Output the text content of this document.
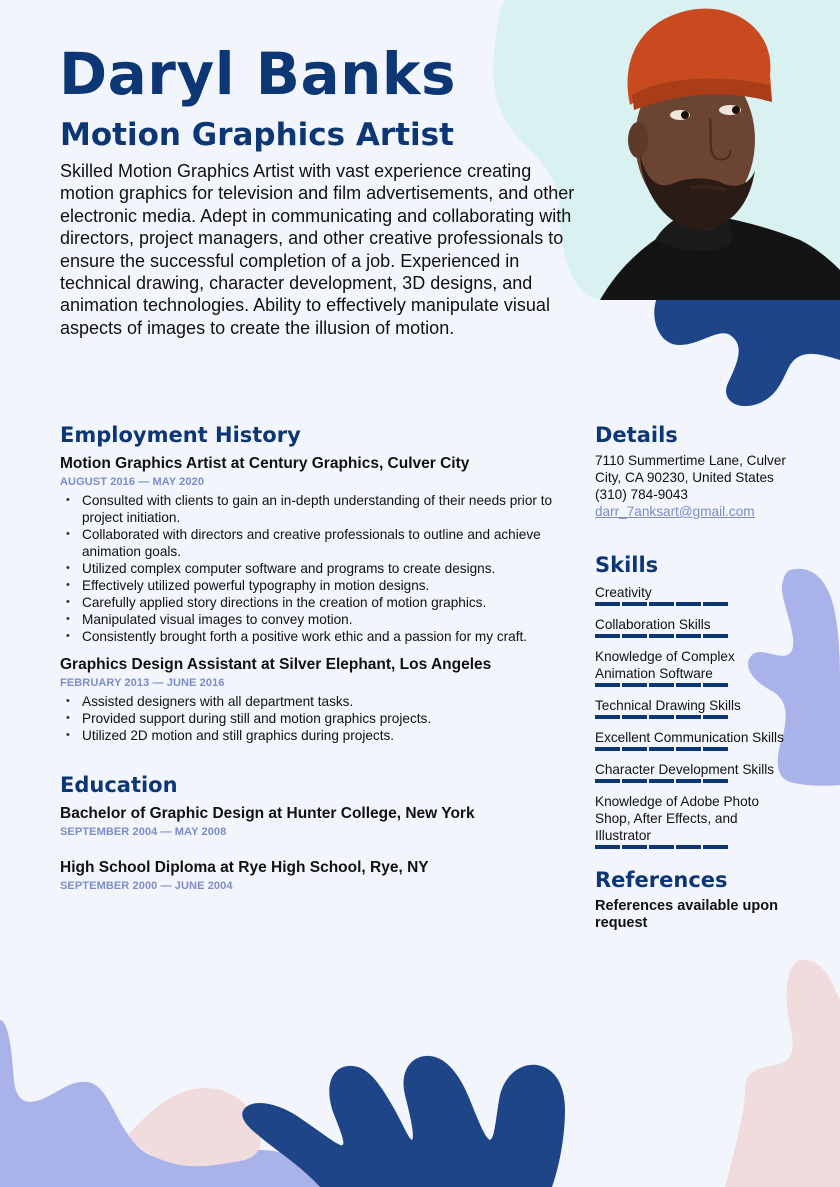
Daryl Banks
Motion Graphics Artist

Skilled Motion Graphics Artist with vast experience creating motion graphics for television and film advertisements, and other electronic media. Adept in communicating and collaborating with directors, project managers, and other creative professionals to ensure the successful completion of a job. Experienced in technical drawing, character development, 3D designs, and animation technologies. Ability to effectively manipulate visual aspects of images to create the illusion of motion.

Employment History
Motion Graphics Artist at Century Graphics, Culver City
AUGUST 2016 — MAY 2020
• Consulted with clients to gain an in-depth understanding of their needs prior to project initiation.
• Collaborated with directors and creative professionals to outline and achieve animation goals.
• Utilized complex computer software and programs to create designs.
• Effectively utilized powerful typography in motion designs.
• Carefully applied story directions in the creation of motion graphics.
• Manipulated visual images to convey motion.
• Consistently brought forth a positive work ethic and a passion for my craft.
Graphics Design Assistant at Silver Elephant, Los Angeles
FEBRUARY 2013 — JUNE 2016
• Assisted designers with all department tasks.
• Provided support during still and motion graphics projects.
• Utilized 2D motion and still graphics during projects.
Education
Bachelor of Graphic Design at Hunter College, New York
SEPTEMBER 2004 — MAY 2008
High School Diploma at Rye High School, Rye, NY
SEPTEMBER 2000 — JUNE 2004
Details
7110 Summertime Lane, Culver City, CA 90230, United States
(310) 784-9043
darr_7anksart@gmail.com
Skills
Creativity
Collaboration Skills
Knowledge of Complex Animation Software
Technical Drawing Skills
Excellent Communication Skills
Character Development Skills
Knowledge of Adobe Photo Shop, After Effects, and Illustrator
References
References available upon request
